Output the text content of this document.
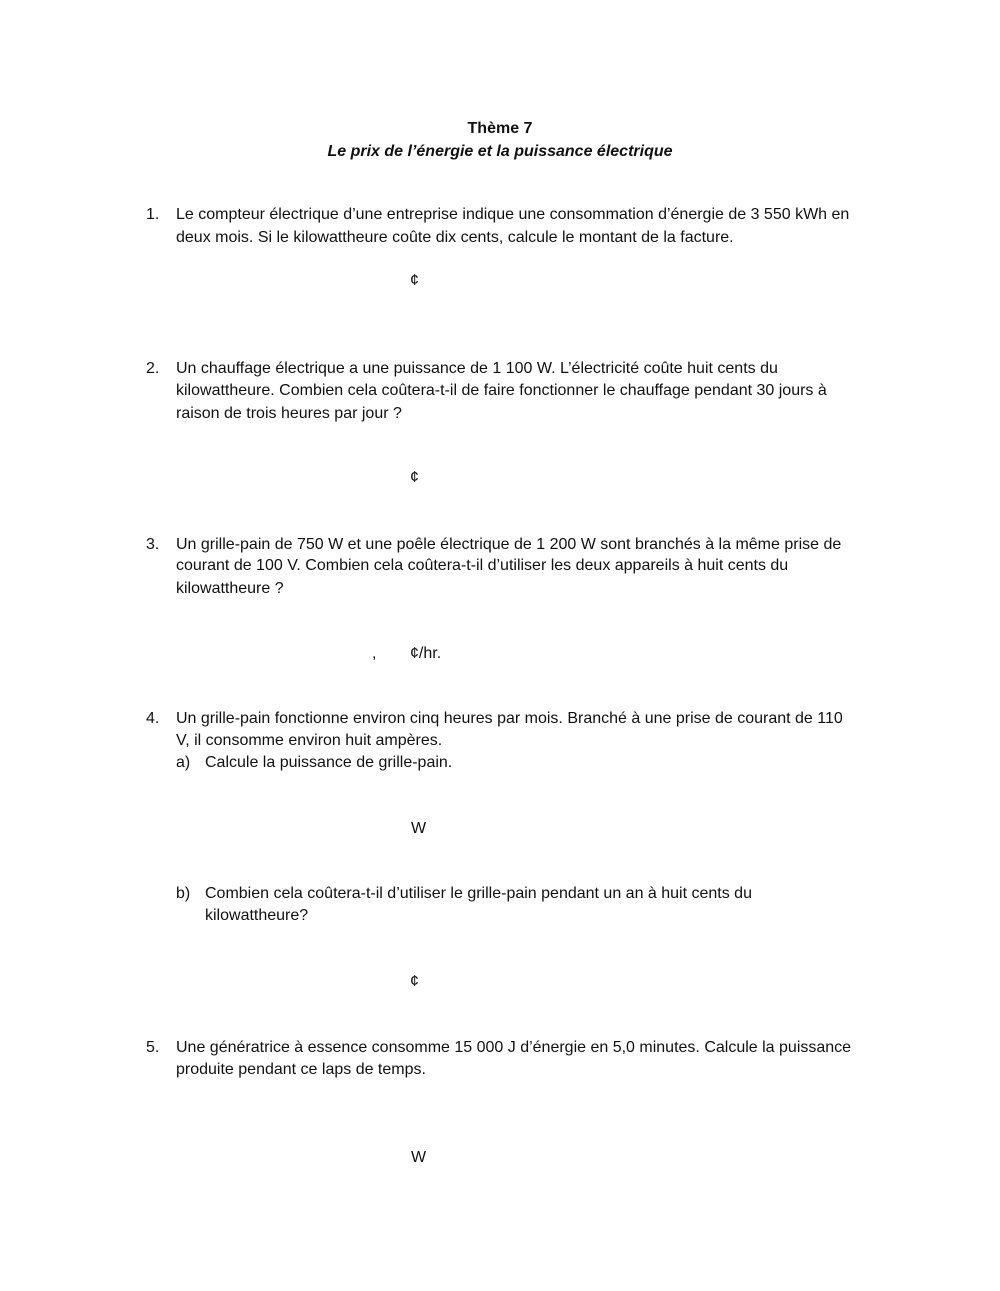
Thème 7
Le prix de l’énergie et la puissance électrique
1.	Le compteur électrique d’une entreprise indique une consommation d’énergie de 3 550 kWh en
deux mois. Si le kilowattheure coûte dix cents, calcule le montant de la facture.
¢
2.	Un chauffage électrique a une puissance de 1 100 W. L’électricité coûte huit cents du
kilowattheure. Combien cela coûtera-t-il de faire fonctionner le chauffage pendant 30 jours à
raison de trois heures par jour ?
¢
3.	Un grille-pain de 750 W et une poêle électrique de 1 200 W sont branchés à la même prise de
courant de 100 V. Combien cela coûtera-t-il d’utiliser les deux appareils à huit cents du
kilowattheure ?
, ¢/hr.
4.	Un grille-pain fonctionne environ cinq heures par mois. Branché à une prise de courant de 110
V, il consomme environ huit ampères.
a) Calcule la puissance de grille-pain.
W
b) Combien cela coûtera-t-il d’utiliser le grille-pain pendant un an à huit cents du
kilowattheure?
¢
5.	Une génératrice à essence consomme 15 000 J d’énergie en 5,0 minutes. Calcule la puissance
produite pendant ce laps de temps.
W
